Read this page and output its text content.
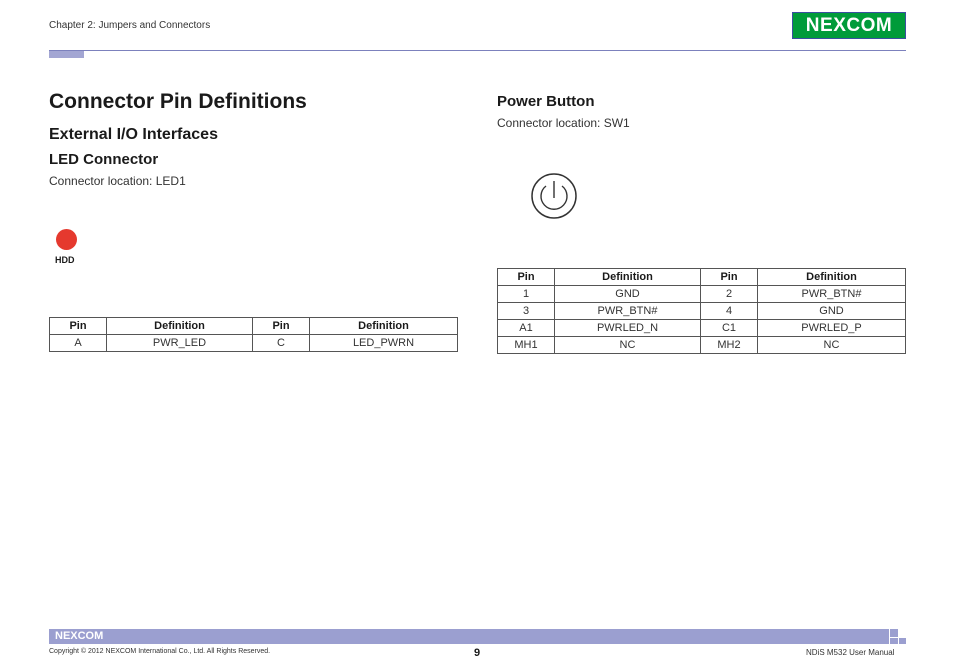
Chapter 2: Jumpers and Connectors	NEXCOM
Connector Pin Definitions
External I/O Interfaces
LED Connector
Connector location: LED1
HDD
Pin	Definition	Pin	Definition
A	PWR_LED	C	LED_PWRN
Power Button
Connector location: SW1
Pin	Definition	Pin	Definition
1	GND	2	PWR_BTN#
3	PWR_BTN#	4	GND
A1	PWRLED_N	C1	PWRLED_P
MH1	NC	MH2	NC
NEXCOM
Copyright © 2012 NEXCOM International Co., Ltd. All Rights Reserved.	9	NDiS M532 User Manual
